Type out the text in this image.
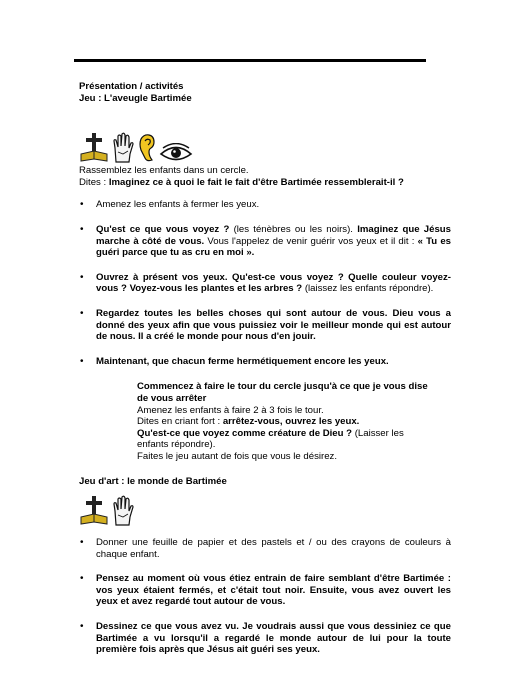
Présentation / activités
Jeu : L'aveugle Bartimée
Rassemblez les enfants dans un cercle.
Dites : Imaginez ce à quoi le fait le fait d'être Bartimée ressemblerait-il ?
• Amenez les enfants à fermer les yeux.
• Qu'est ce que vous voyez ? (les ténèbres ou les noirs). Imaginez que Jésus marche à côté de vous. Vous l'appelez de venir guérir vos yeux et il dit : « Tu es guéri parce que tu as cru en moi ».
• Ouvrez à présent vos yeux. Qu'est-ce vous voyez ? Quelle couleur voyez-vous ? Voyez-vous les plantes et les arbres ? (laissez les enfants répondre).
• Regardez toutes les belles choses qui sont autour de vous. Dieu vous a donné des yeux afin que vous puissiez voir le meilleur monde qui est autour de nous. Il a créé le monde pour nous d'en jouir.
• Maintenant, que chacun ferme hermétiquement encore les yeux.
Commencez à faire le tour du cercle jusqu'à ce que je vous dise de vous arrêter
Amenez les enfants à faire 2 à 3 fois le tour.
Dites en criant fort : arrêtez-vous, ouvrez les yeux.
Qu'est-ce que voyez comme créature de Dieu ? (Laisser les enfants répondre).
Faites le jeu autant de fois que vous le désirez.
Jeu d'art : le monde de Bartimée
• Donner une feuille de papier et des pastels et / ou des crayons de couleurs à chaque enfant.
• Pensez au moment où vous étiez entrain de faire semblant d'être Bartimée : vos yeux étaient fermés, et c'était tout noir. Ensuite, vous avez ouvert les yeux et avez regardé tout autour de vous.
• Dessinez ce que vous avez vu. Je voudrais aussi que vous dessiniez ce que Bartimée a vu lorsqu'il a regardé le monde autour de lui pour la toute première fois après que Jésus ait guéri ses yeux.
